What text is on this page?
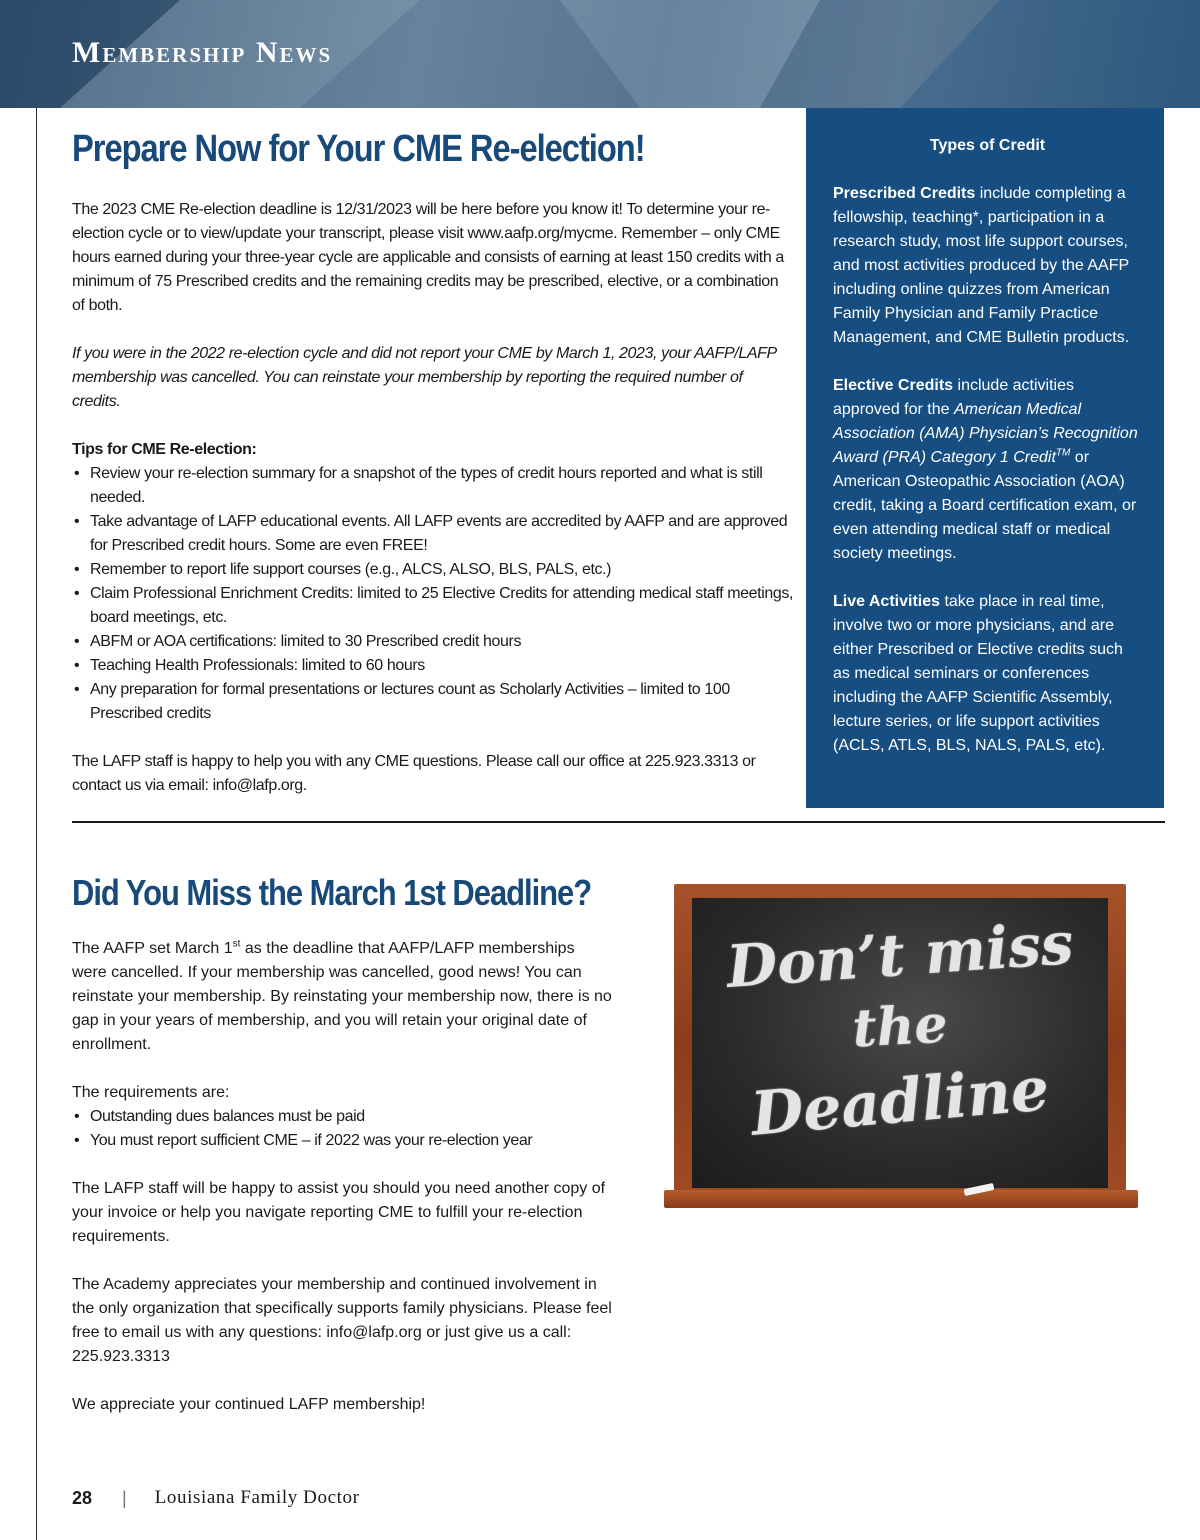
Membership News
Prepare Now for Your CME Re-election!

The 2023 CME Re-election deadline is 12/31/2023 will be here before you know it! To determine your re-election cycle or to view/update your transcript, please visit www.aafp.org/mycme. Remember – only CME hours earned during your three-year cycle are applicable and consists of earning at least 150 credits with a minimum of 75 Prescribed credits and the remaining credits may be prescribed, elective, or a combination of both.

If you were in the 2022 re-election cycle and did not report your CME by March 1, 2023, your AAFP/LAFP membership was cancelled. You can reinstate your membership by reporting the required number of credits.

Tips for CME Re-election:

• Review your re-election summary for a snapshot of the types of credit hours reported and what is still needed.
• Take advantage of LAFP educational events. All LAFP events are accredited by AAFP and are approved for Prescribed credit hours. Some are even FREE!
• Remember to report life support courses (e.g., ALCS, ALSO, BLS, PALS, etc.)
• Claim Professional Enrichment Credits: limited to 25 Elective Credits for attending medical staff meetings, board meetings, etc.
• ABFM or AOA certifications: limited to 30 Prescribed credit hours
• Teaching Health Professionals: limited to 60 hours
• Any preparation for formal presentations or lectures count as Scholarly Activities – limited to 100 Prescribed credits

The LAFP staff is happy to help you with any CME questions. Please call our office at 225.923.3313 or contact us via email: info@lafp.org.

Types of Credit

Prescribed Credits include completing a fellowship, teaching*, participation in a research study, most life support courses, and most activities produced by the AAFP including online quizzes from American Family Physician and Family Practice Management, and CME Bulletin products.

Elective Credits include activities approved for the American Medical Association (AMA) Physician’s Recognition Award (PRA) Category 1 Credit™ or American Osteopathic Association (AOA) credit, taking a Board certification exam, or even attending medical staff or medical society meetings.

Live Activities take place in real time, involve two or more physicians, and are either Prescribed or Elective credits such as medical seminars or conferences including the AAFP Scientific Assembly, lecture series, or life support activities (ACLS, ATLS, BLS, NALS, PALS, etc).

Did You Miss the March 1st Deadline?

The AAFP set March 1st as the deadline that AAFP/LAFP memberships were cancelled. If your membership was cancelled, good news! You can reinstate your membership. By reinstating your membership now, there is no gap in your years of membership, and you will retain your original date of enrollment.

The requirements are:

• Outstanding dues balances must be paid
• You must report sufficient CME – if 2022 was your re-election year

The LAFP staff will be happy to assist you should you need another copy of your invoice or help you navigate reporting CME to fulfill your re-election requirements.

The Academy appreciates your membership and continued involvement in the only organization that specifically supports family physicians. Please feel free to email us with any questions: info@lafp.org or just give us a call: 225.923.3313

We appreciate your continued LAFP membership!

Don’t miss
the
Deadline
28 | Louisiana Family Doctor
